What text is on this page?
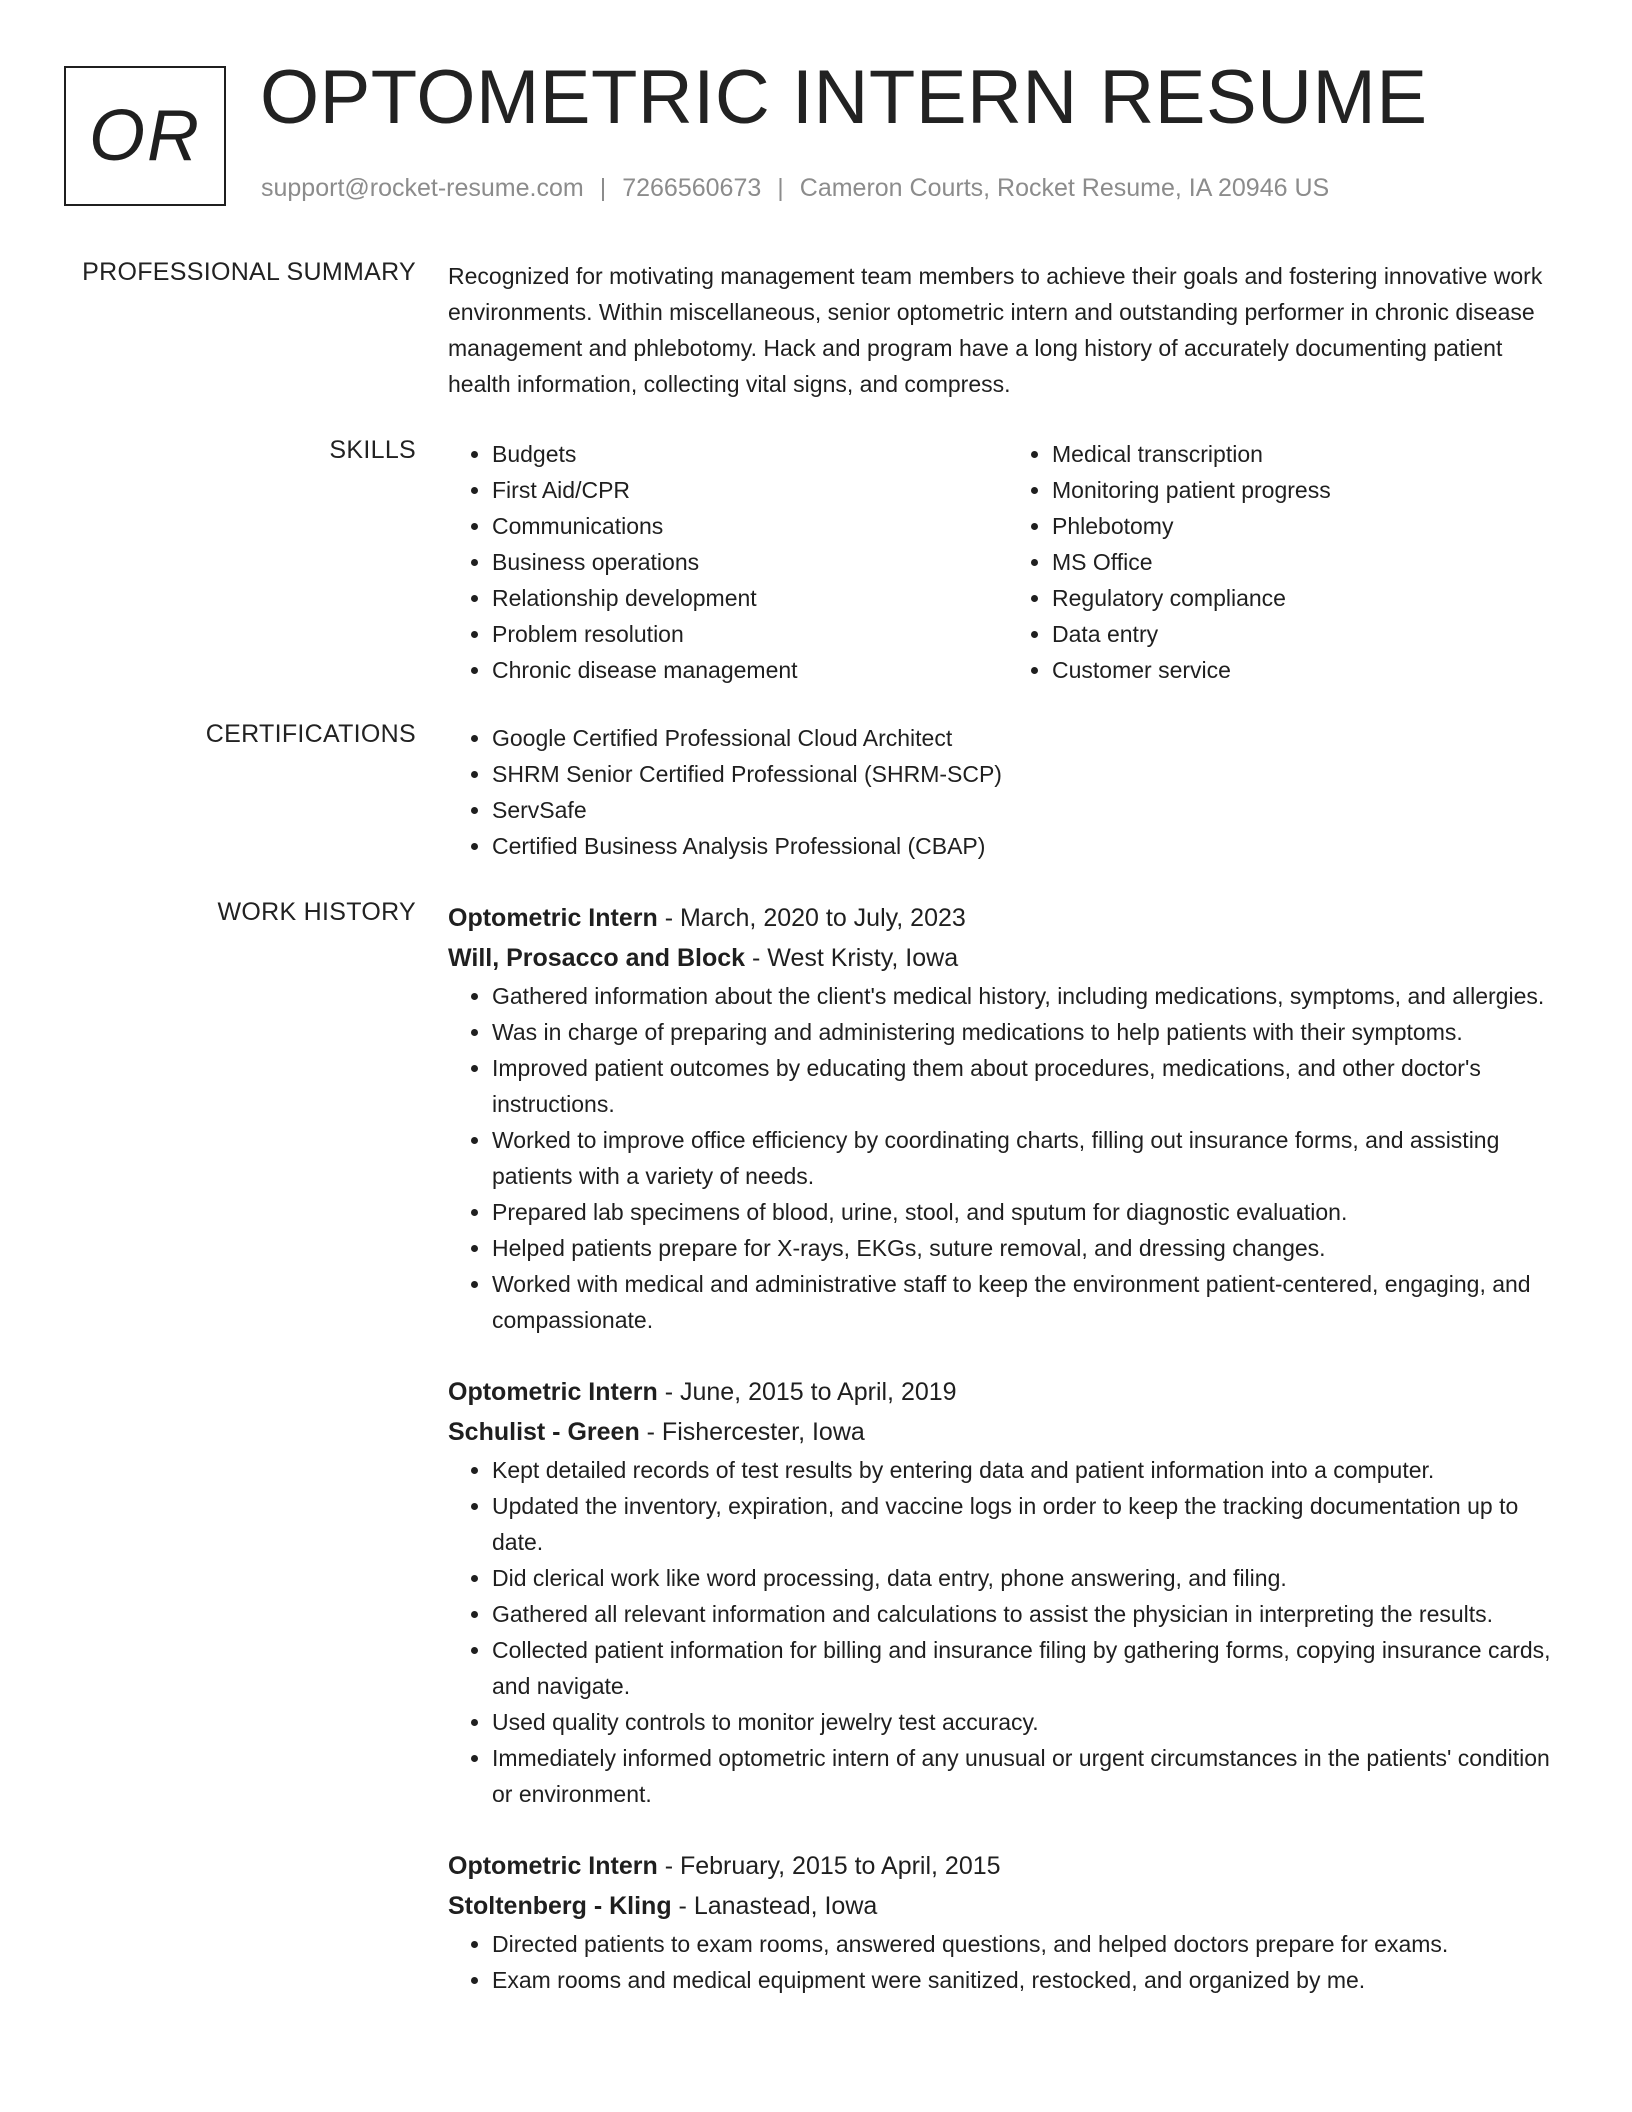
OR OPTOMETRIC INTERN RESUME
support@rocket-resume.com | 7266560673 | Cameron Courts, Rocket Resume, IA 20946 US
PROFESSIONAL SUMMARY Recognized for motivating management team members to achieve their goals and fostering innovative work environments. Within miscellaneous, senior optometric intern and outstanding performer in chronic disease management and phlebotomy. Hack and program have a long history of accurately documenting patient health information, collecting vital signs, and compress.

SKILLS	• Budgets
• First Aid/CPR
• Communications
• Business operations
• Relationship development
• Problem resolution
• Chronic disease management
• Medical transcription
• Monitoring patient progress
• Phlebotomy
• MS Office
• Regulatory compliance
• Data entry
• Customer service
CERTIFICATIONS	• Google Certified Professional Cloud Architect
• SHRM Senior Certified Professional (SHRM-SCP)
• ServSafe
• Certified Business Analysis Professional (CBAP)
WORK HISTORY Optometric Intern - March, 2020 to July, 2023
Will, Prosacco and Block - West Kristy, Iowa
• Gathered information about the client's medical history, including medications, symptoms, and allergies.
• Was in charge of preparing and administering medications to help patients with their symptoms.
• Improved patient outcomes by educating them about procedures, medications, and other doctor's instructions.
• Worked to improve office efficiency by coordinating charts, filling out insurance forms, and assisting patients with a variety of needs.
• Prepared lab specimens of blood, urine, stool, and sputum for diagnostic evaluation.
• Helped patients prepare for X-rays, EKGs, suture removal, and dressing changes.
• Worked with medical and administrative staff to keep the environment patient-centered, engaging, and compassionate.
Optometric Intern - June, 2015 to April, 2019
Schulist - Green - Fishercester, Iowa
• Kept detailed records of test results by entering data and patient information into a computer.
• Updated the inventory, expiration, and vaccine logs in order to keep the tracking documentation up to date.
• Did clerical work like word processing, data entry, phone answering, and filing.
• Gathered all relevant information and calculations to assist the physician in interpreting the results.
• Collected patient information for billing and insurance filing by gathering forms, copying insurance cards, and navigate.
• Used quality controls to monitor jewelry test accuracy.
• Immediately informed optometric intern of any unusual or urgent circumstances in the patients' condition or environment.
Optometric Intern - February, 2015 to April, 2015
Stoltenberg - Kling - Lanastead, Iowa
• Directed patients to exam rooms, answered questions, and helped doctors prepare for exams.
• Exam rooms and medical equipment were sanitized, restocked, and organized by me.
